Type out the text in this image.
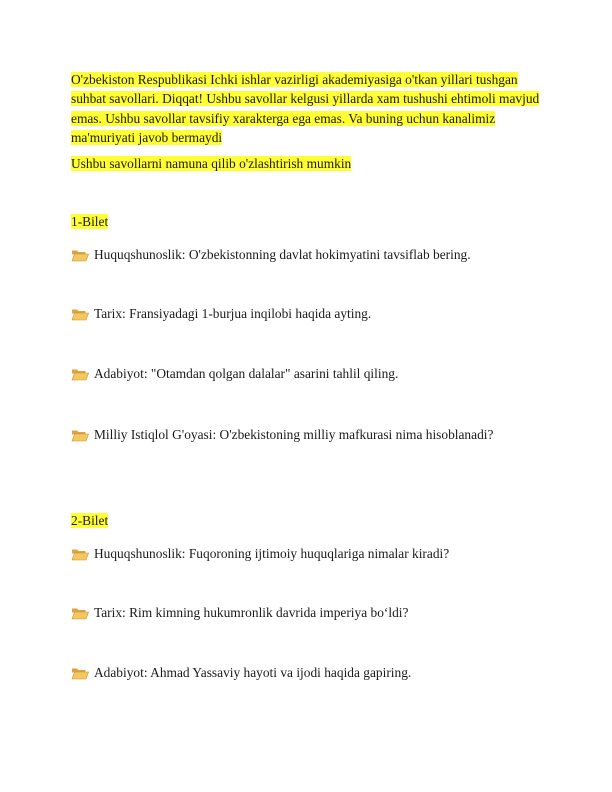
O'zbekiston Respublikasi Ichki ishlar vazirligi akademiyasiga o'tkan yillari tushgan suhbat savollari. Diqqat! Ushbu savollar kelgusi yillarda xam tushushi ehtimoli mavjud emas. Ushbu savollar tavsifiy xarakterga ega emas. Va buning uchun kanalimiz ma'muriyati javob bermaydi
Ushbu savollarni namuna qilib o'zlashtirish mumkin
1-Bilet
Huquqshunoslik: O'zbekistonning davlat hokimyatini tavsiflab bering.
Tarix: Fransiyadagi 1-burjua inqilobi haqida ayting.
Adabiyot: "Otamdan qolgan dalalar" asarini tahlil qiling.
Milliy Istiqlol G'oyasi: O'zbekistoning milliy mafkurasi nima hisoblanadi?
2-Bilet
Huquqshunoslik: Fuqoroning ijtimoiy huquqlariga nimalar kiradi?
Tarix: Rim kimning hukumronlik davrida imperiya bo‘ldi?
Adabiyot: Ahmad Yassaviy hayoti va ijodi haqida gapiring.
